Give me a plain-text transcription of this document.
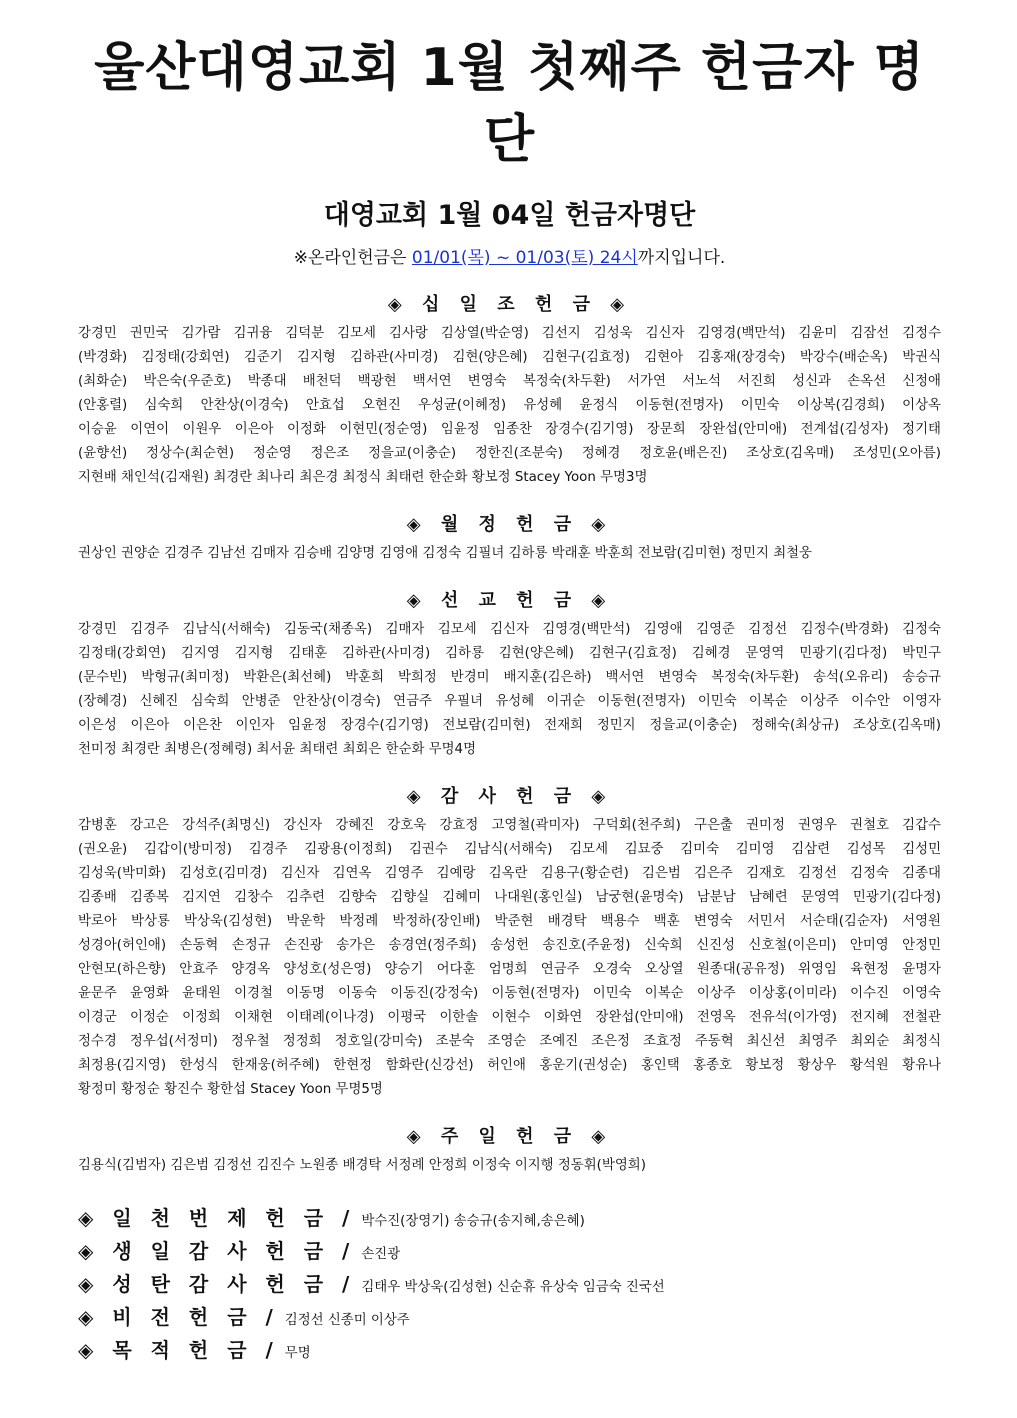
울산대영교회 1월 첫째주 헌금자 명단
대영교회 1월 04일 헌금자명단
※온라인헌금은 01/01(목) ~ 01/03(토) 24시까지입니다.
◈ 십 일 조 헌 금 ◈
강경민 권민국 김가람 김귀융 김덕분 김모세 김사랑 김상열(박순영) 김선지 김성욱 김신자 김영경(백만석) 김윤미 김잠선 김정수
(박경화) 김정태(강회연) 김준기 김지형 김하관(사미경) 김현(양은혜) 김현구(김효정) 김현아 김홍재(장경숙) 박강수(배순옥) 박권식
(최화순) 박은숙(우준호) 박종대 배천덕 백광현 백서연 변영숙 복정숙(차두환) 서가연 서노석 서진희 성신과 손옥선 신정애
(안홍렬) 심숙희 안찬상(이경숙) 안효섭 오현진 우성균(이혜정) 유성혜 윤정식 이동현(전명자) 이민숙 이상복(김경희) 이상옥
이승윤 이연이 이원우 이은아 이정화 이현민(정순영) 임윤정 임종찬 장경수(김기영) 장문희 장완섭(안미애) 전계섭(김성자) 정기태
(윤향선) 정상수(최순현) 정순영 정은조 정을교(이충순) 정한진(조분숙) 정혜경 정호윤(배은진) 조상호(김옥매) 조성민(오아름)
지현배 채인석(김재원) 최경란 최나리 최은경 최정식 최태련 한순화 황보정 Stacey Yoon 무명3명
◈ 월 정 헌 금 ◈
권상인 권양순 김경주 김남선 김매자 김승배 김양명 김영애 김정숙 김필녀 김하룡 박래훈 박훈희 전보람(김미현) 정민지 최철웅
◈ 선 교 헌 금 ◈
강경민 김경주 김남식(서해숙) 김동국(채종옥) 김매자 김모세 김신자 김영경(백만석) 김영애 김영준 김정선 김정수(박경화) 김정숙
김정태(강회연) 김지영 김지형 김태훈 김하관(사미경) 김하룡 김현(양은혜) 김현구(김효정) 김혜경 문영역 민광기(김다정) 박민구
(문수빈) 박형규(최미정) 박환은(최선혜) 박훈희 박희정 반경미 배지훈(김은하) 백서연 변영숙 복정숙(차두환) 송석(오유리) 송승규
(장혜경) 신혜진 심숙희 안병준 안찬상(이경숙) 연금주 우필녀 유성혜 이귀순 이동현(전명자) 이민숙 이복순 이상주 이수안 이영자
이은성 이은아 이은찬 이인자 임윤정 장경수(김기영) 전보람(김미현) 전재희 정민지 정을교(이충순) 정해숙(최상규) 조상호(김옥매)
천미정 최경란 최병은(정혜령) 최서윤 최태련 최회은 한순화 무명4명
◈ 감 사 헌 금 ◈
감병훈 강고은 강석주(최명신) 강신자 강혜진 강호욱 강효정 고영철(곽미자) 구덕회(천주희) 구은출 권미정 권영우 권철호 김갑수
(권오윤) 김갑이(방미정) 김경주 김광용(이정희) 김권수 김남식(서해숙) 김모세 김묘중 김미숙 김미영 김삼련 김성목 김성민
김성욱(박미화) 김성호(김미경) 김신자 김연옥 김영주 김예랑 김옥란 김용구(황순련) 김은범 김은주 김재호 김정선 김정숙 김종대
김종배 김종복 김지연 김창수 김추련 김향숙 김향실 김혜미 나대원(홍인실) 남궁현(윤명숙) 남분남 남혜련 문영역 민광기(김다정)
박로아 박상룡 박상욱(김성현) 박운학 박정례 박정하(장인배) 박준현 배경탁 백용수 백훈 변영숙 서민서 서순태(김순자) 서영원
성경아(허인애) 손동혁 손정규 손진광 송가은 송경연(정주희) 송성헌 송진호(주윤정) 신숙희 신진성 신호철(이은미) 안미영 안정민
안현모(하은향) 안효주 양경옥 양성호(성은영) 양승기 어다훈 엄명희 연금주 오경숙 오상열 원종대(공유정) 위영임 육현정 윤명자
윤문주 윤영화 윤태원 이경철 이동명 이동숙 이동진(강정숙) 이동현(전명자) 이민숙 이복순 이상주 이상홍(이미라) 이수진 이영숙
이경군 이정순 이정희 이채현 이태례(이나경) 이평국 이한솔 이현수 이화연 장완섭(안미애) 전영옥 전유석(이가영) 전지혜 전철관
정수경 정우섭(서정미) 정우철 정정희 정호일(강미숙) 조분숙 조영순 조예진 조은정 조효정 주동혁 최신선 최영주 최외순 최정식
최정용(김지영) 한성식 한재웅(허주혜) 한현정 함화란(신강선) 허인애 홍운기(권성순) 홍인택 홍종호 황보정 황상우 황석원 황유나
황정미 황정순 황진수 황한섭 Stacey Yoon 무명5명
◈ 주 일 헌 금 ◈
김용식(김범자) 김은범 김정선 김진수 노원종 배경탁 서정례 안정희 이정숙 이지행 정동휘(박영희)
◈ 일 천 번 제 헌 금 / 박수진(장영기) 송승규(송지혜,송은혜)
◈ 생 일 감 사 헌 금 / 손진광
◈ 성 탄 감 사 헌 금 / 김태우 박상욱(김성현) 신순휴 유상숙 임금숙 진국선
◈ 비 전 헌 금 / 김정선 신종미 이상주
◈ 목 적 헌 금 / 무명
